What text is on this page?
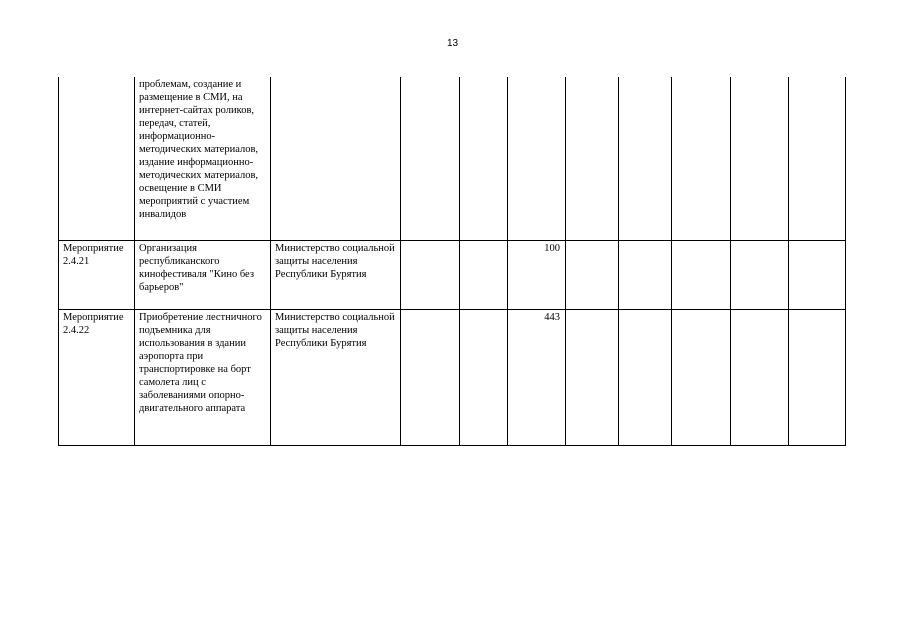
13
	проблемам, создание и размещение в СМИ, на интернет-сайтах роликов, передач, статей, информационно-методических материалов, издание информационно-методических материалов, освещение в СМИ мероприятий с участием инвалидов									
Мероприятие 2.4.21	Организация республиканского кинофестиваля "Кино без барьеров"	Министерство социальной защиты населения Республики Бурятия			100					
Мероприятие 2.4.22	Приобретение лестничного подъемника для использования в здании аэропорта при транспортировке на борт самолета лиц с заболеваниями опорно-двигательного аппарата	Министерство социальной защиты населения Республики Бурятия			443					
